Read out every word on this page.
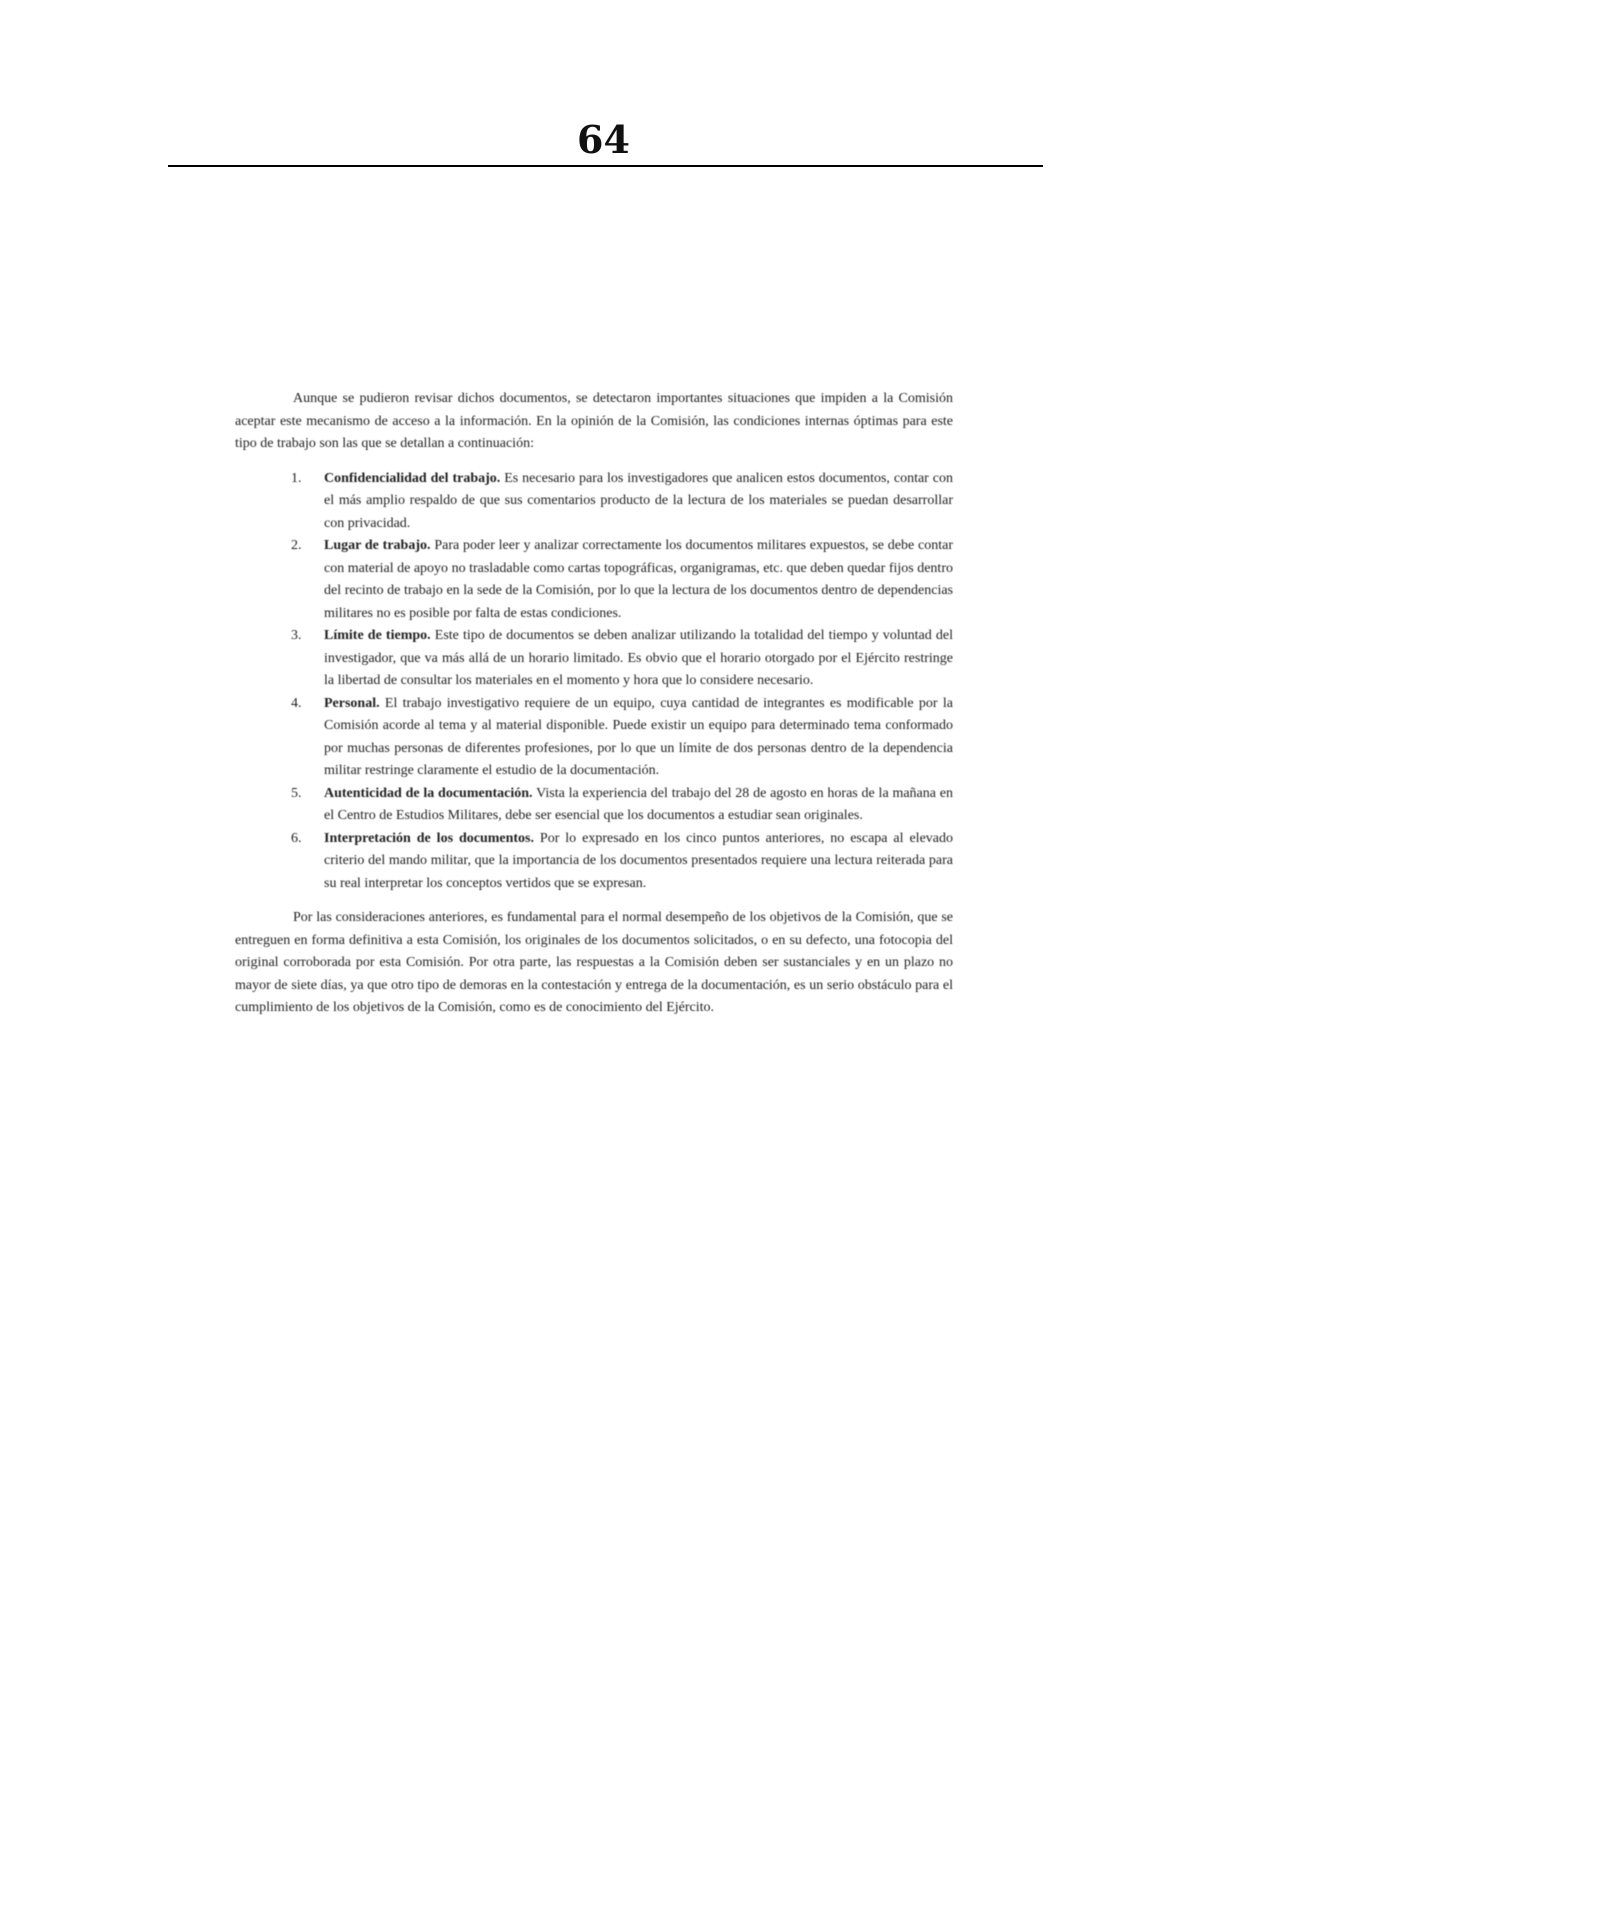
64

Aunque se pudieron revisar dichos documentos, se detectaron importantes situaciones que impiden a la Comisión aceptar este mecanismo de acceso a la información. En la opinión de la Comisión, las condiciones internas óptimas para este tipo de trabajo son las que se detallan a continuación:

1. Confidencialidad del trabajo. Es necesario para los investigadores que analicen estos documentos, contar con el más amplio respaldo de que sus comentarios producto de la lectura de los materiales se puedan desarrollar con privacidad.
2. Lugar de trabajo. Para poder leer y analizar correctamente los documentos militares expuestos, se debe contar con material de apoyo no trasladable como cartas topográficas, organigramas, etc. que deben quedar fijos dentro del recinto de trabajo en la sede de la Comisión, por lo que la lectura de los documentos dentro de dependencias militares no es posible por falta de estas condiciones.
3. Límite de tiempo. Este tipo de documentos se deben analizar utilizando la totalidad del tiempo y voluntad del investigador, que va más allá de un horario limitado. Es obvio que el horario otorgado por el Ejército restringe la libertad de consultar los materiales en el momento y hora que lo considere necesario.
4. Personal. El trabajo investigativo requiere de un equipo, cuya cantidad de integrantes es modificable por la Comisión acorde al tema y al material disponible. Puede existir un equipo para determinado tema conformado por muchas personas de diferentes profesiones, por lo que un límite de dos personas dentro de la dependencia militar restringe claramente el estudio de la documentación.
5. Autenticidad de la documentación. Vista la experiencia del trabajo del 28 de agosto en horas de la mañana en el Centro de Estudios Militares, debe ser esencial que los documentos a estudiar sean originales.
6. Interpretación de los documentos. Por lo expresado en los cinco puntos anteriores, no escapa al elevado criterio del mando militar, que la importancia de los documentos presentados requiere una lectura reiterada para su real interpretar los conceptos vertidos que se expresan.

Por las consideraciones anteriores, es fundamental para el normal desempeño de los objetivos de la Comisión, que se entreguen en forma definitiva a esta Comisión, los originales de los documentos solicitados, o en su defecto, una fotocopia del original corroborada por esta Comisión. Por otra parte, las respuestas a la Comisión deben ser sustanciales y en un plazo no mayor de siete días, ya que otro tipo de demoras en la contestación y entrega de la documentación, es un serio obstáculo para el cumplimiento de los objetivos de la Comisión, como es de conocimiento del Ejército.
